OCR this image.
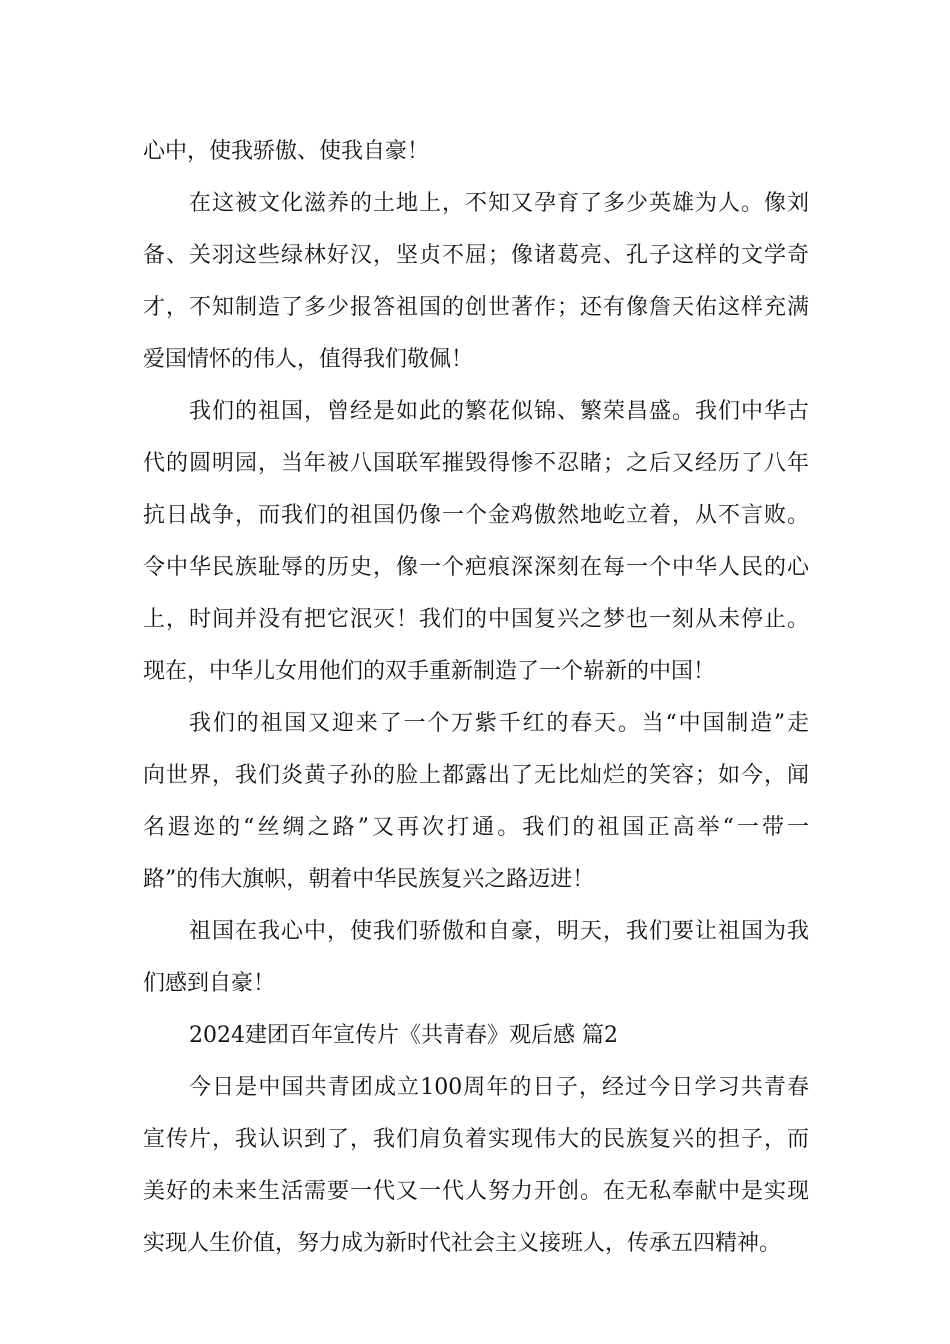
心中，使我骄傲、使我自豪！
在这被文化滋养的土地上，不知又孕育了多少英雄为人。像刘
备、关羽这些绿林好汉，坚贞不屈；像诸葛亮、孔子这样的文学奇
才，不知制造了多少报答祖国的创世著作；还有像詹天佑这样充满
爱国情怀的伟人，值得我们敬佩！
我们的祖国，曾经是如此的繁花似锦、繁荣昌盛。我们中华古
代的圆明园，当年被八国联军摧毁得惨不忍睹；之后又经历了八年
抗日战争，而我们的祖国仍像一个金鸡傲然地屹立着，从不言败。
令中华民族耻辱的历史，像一个疤痕深深刻在每一个中华人民的心
上，时间并没有把它泯灭！我们的中国复兴之梦也一刻从未停止。
现在，中华儿女用他们的双手重新制造了一个崭新的中国！
我们的祖国又迎来了一个万紫千红的春天。当“中国制造”走
向世界，我们炎黄子孙的脸上都露出了无比灿烂的笑容；如今，闻
名遐迩的“丝绸之路”又再次打通。我们的祖国正高举“一带一
路”的伟大旗帜，朝着中华民族复兴之路迈进！
祖国在我心中，使我们骄傲和自豪，明天，我们要让祖国为我
们感到自豪！
2024建团百年宣传片《共青春》观后感 篇2
今日是中国共青团成立100周年的日子，经过今日学习共青春
宣传片，我认识到了，我们肩负着实现伟大的民族复兴的担子，而
美好的未来生活需要一代又一代人努力开创。在无私奉献中是实现
实现人生价值，努力成为新时代社会主义接班人，传承五四精神。
